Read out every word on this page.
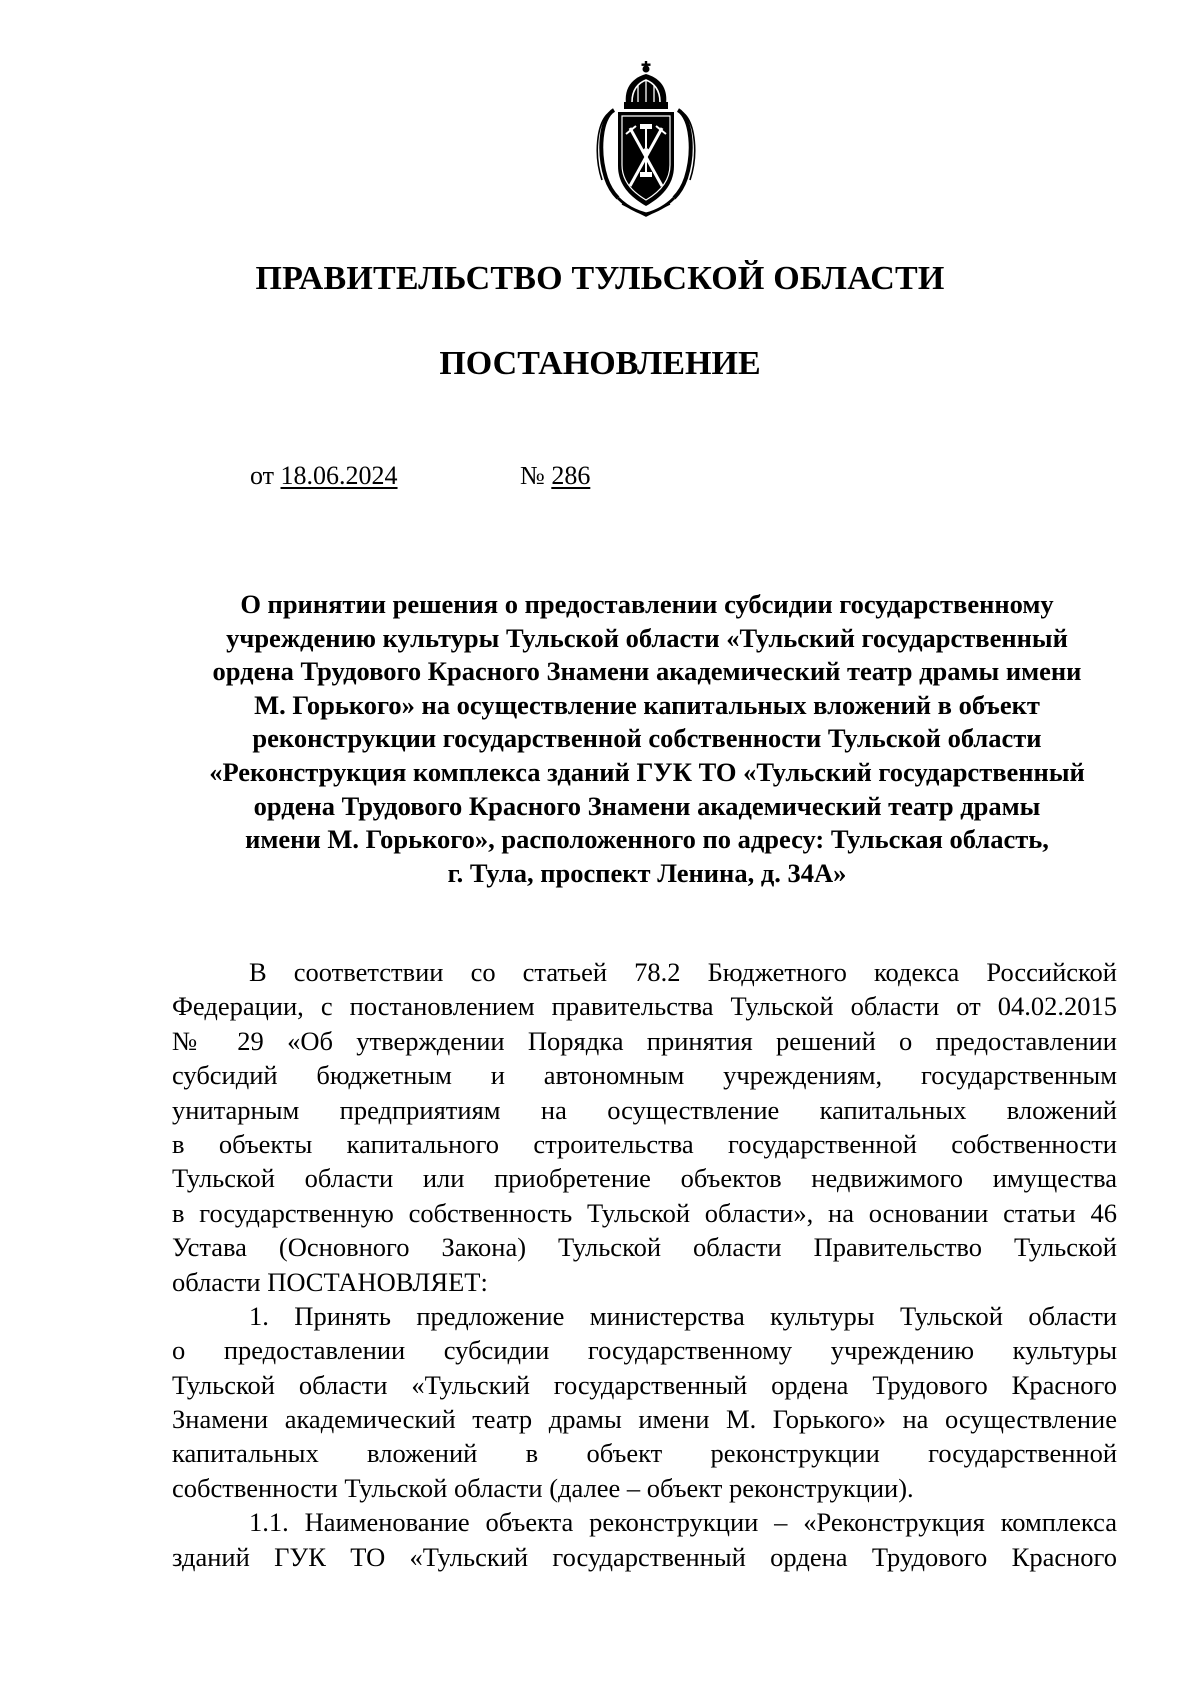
ПРАВИТЕЛЬСТВО ТУЛЬСКОЙ ОБЛАСТИ
ПОСТАНОВЛЕНИЕ
от 18.06.2024	№ 286
О принятии решения о предоставлении субсидии государственному
учреждению культуры Тульской области «Тульский государственный
ордена Трудового Красного Знамени академический театр драмы имени
М. Горького» на осуществление капитальных вложений в объект
реконструкции государственной собственности Тульской области
«Реконструкция комплекса зданий ГУК ТО «Тульский государственный
ордена Трудового Красного Знамени академический театр драмы
имени М. Горького», расположенного по адресу: Тульская область,
г. Тула, проспект Ленина, д. 34А»
В соответствии со статьей 78.2 Бюджетного кодекса Российской
Федерации, с постановлением правительства Тульской области от 04.02.2015
№ 29 «Об утверждении Порядка принятия решений о предоставлении
субсидий бюджетным и автономным учреждениям, государственным
унитарным предприятиям на осуществление капитальных вложений
в объекты капитального строительства государственной собственности
Тульской области или приобретение объектов недвижимого имущества
в государственную собственность Тульской области», на основании статьи 46
Устава (Основного Закона) Тульской области Правительство Тульской
области ПОСТАНОВЛЯЕТ:
1. Принять предложение министерства культуры Тульской области
о предоставлении субсидии государственному учреждению культуры
Тульской области «Тульский государственный ордена Трудового Красного
Знамени академический театр драмы имени М. Горького» на осуществление
капитальных вложений в объект реконструкции государственной
собственности Тульской области (далее – объект реконструкции).
1.1. Наименование объекта реконструкции – «Реконструкция комплекса
зданий ГУК ТО «Тульский государственный ордена Трудового Красного
